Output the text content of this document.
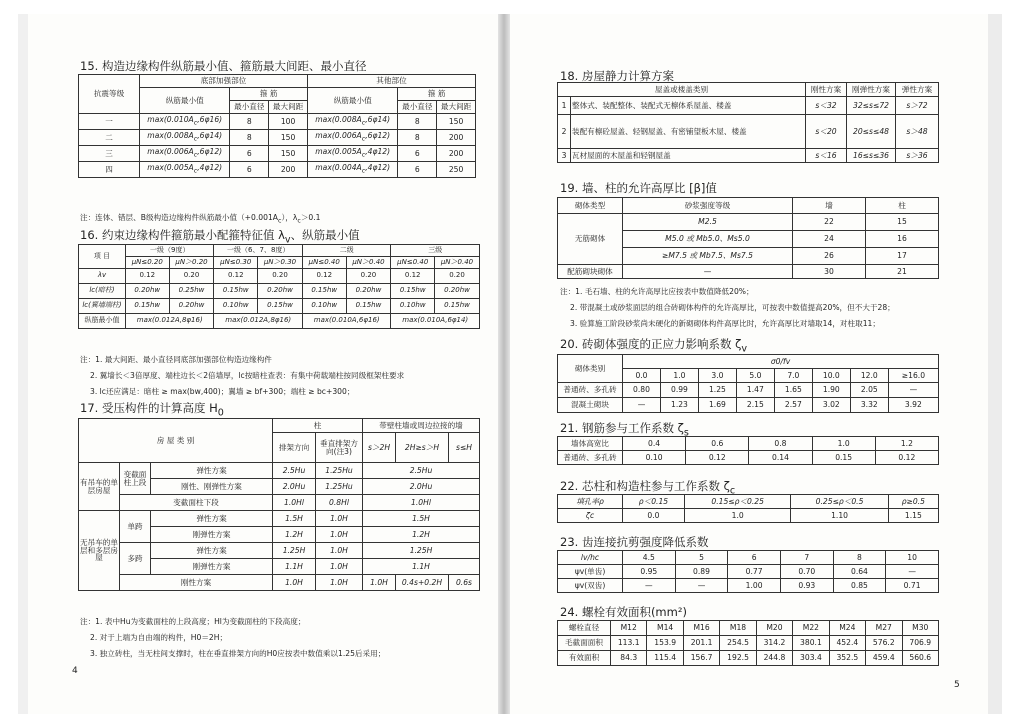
15. 构造边缘构件纵筋最小值、箍筋最大间距、最小直径
抗震等级	底部加强部位			其他部位		
	纵筋最小值	箍 筋		纵筋最小值	箍 筋	
		最小直径	最大间距		最小直径	最大间距
一	$\max(0.010A_c,6\varphi 16)$	8	100	$\max(0.008A_c,6\varphi 14)$	8	150
二	$\max(0.008A_c,6\varphi 14)$	8	150	$\max(0.006A_c,6\varphi 12)$	8	200
三	$\max(0.006A_c,6\varphi 12)$	6	150	$\max(0.005A_c,4\varphi 12)$	6	200
四	$\max(0.005A_c,4\varphi 12)$	6	200	$\max(0.004A_c,4\varphi 12)$	6	250
注：连体、错层、B级构造边缘构件纵筋最小值$(+0.001A_c)$，$\lambda_c>0.1$
16. 约束边缘构件箍筋最小配箍特征值 $\lambda_v$、纵筋最小值
项 目	一级（9度）		一级（6、7、8度）		二级		三级	
	μN≤0.20	μN＞0.20	μN≤0.30	μN＞0.30	μN≤0.40	μN＞0.40	μN≤0.40	μN＞0.40
λv	0.12	0.20	0.12	0.20	0.12	0.20	0.12	0.20
lc(暗柱)	0.20hw	0.25hw	0.15hw	0.20hw	0.15hw	0.20hw	0.15hw	0.20hw
lc(翼墙端柱)	0.15hw	0.20hw	0.10hw	0.15hw	0.10hw	0.15hw	0.10hw	0.15hw
纵筋最小值	max(0.012A,8φ16)		max(0.012A,8φ16)		max(0.010A,6φ16)		max(0.010A,6φ14)	
注：1. 最大间距、最小直径同底部加强部位构造边缘构件
2. 翼墙长＜3倍厚度、端柱边长＜2倍墙厚，lc按暗柱查表：有集中荷载端柱按同级框架柱要求
3. lc还应满足：暗柱 ≥ max(bw,400)；翼墙 ≥ bf+300；端柱 ≥ bc+300；
17. 受压构件的计算高度 $H_0$
房 屋 类 别			柱		带壁柱墙或周边拉接的墙		
			排架方向	垂直排架方向(注3)	s＞2H	2H≥s＞H	s≤H
有吊车的单层房屋	变截面柱上段	弹性方案	2.5Hu	1.25Hu	2.5Hu		
		刚性、刚弹性方案	2.0Hu	1.25Hu	2.0Hu		
	变截面柱下段		1.0Hl	0.8Hl	1.0Hl		
无吊车的单层和多层房屋	单跨	弹性方案	1.5H	1.0H	1.5H		
		刚弹性方案	1.2H	1.0H	1.2H		
	多跨	弹性方案	1.25H	1.0H	1.25H		
		刚弹性方案	1.1H	1.0H	1.1H		
	刚性方案		1.0H	1.0H	1.0H	0.4s+0.2H	0.6s
注：1. 表中Hu为变截面柱的上段高度；Hl为变截面柱的下段高度；
2. 对于上端为自由端的构件，H0＝2H；
3. 独立砖柱，当无柱间支撑时，柱在垂直排架方向的H0应按表中数值乘以1.25后采用；
4
18. 房屋静力计算方案
屋盖或楼盖类别		刚性方案	刚弹性方案	弹性方案
1	整体式、装配整体、装配式无檩体系屋盖、楼盖	s＜32	32≤s≤72	s＞72
2	装配有檩砼屋盖、轻钢屋盖、有密铺望板木屋、楼盖	s＜20	20≤s≤48	s＞48
3	瓦材屋面的木屋盖和轻钢屋盖	s＜16	16≤s≤36	s＞36
19. 墙、柱的允许高厚比 [β]值
砌体类型	砂浆强度等级	墙	柱
无筋砌体	M2.5	22	15
	M5.0 或 Mb5.0、Ms5.0	24	16
	≥M7.5 或 Mb7.5、Ms7.5	26	17
配筋砌块砌体	—	30	21
注：1. 毛石墙、柱的允许高厚比应按表中数值降低20%；
2. 带混凝土或砂浆面层的组合砖砌体构件的允许高厚比，可按表中数值提高20%，但不大于28；
3. 验算施工阶段砂浆尚未硬化的新砌砌体构件高厚比时，允许高厚比对墙取14，对柱取11；
20. 砖砌体强度的正应力影响系数 $\zeta_v$
砌体类别	σ0/fv							
	0.0	1.0	3.0	5.0	7.0	10.0	12.0	≥16.0
普通砖、多孔砖	0.80	0.99	1.25	1.47	1.65	1.90	2.05	—
混凝土砌块	—	1.23	1.69	2.15	2.57	3.02	3.32	3.92
21. 钢筋参与工作系数 $\zeta_s$
墙体高宽比	0.4	0.6	0.8	1.0	1.2
普通砖、多孔砖	0.10	0.12	0.14	0.15	0.12
22. 芯柱和构造柱参与工作系数 $\zeta_c$
填孔率ρ	ρ＜0.15	0.15≤ρ＜0.25	0.25≤ρ＜0.5	ρ≥0.5
ζc	0.0	1.0	1.10	1.15
23. 齿连接抗剪强度降低系数
lv/hc	4.5	5	6	7	8	10
ψv(单齿)	0.95	0.89	0.77	0.70	0.64	—
ψv(双齿)	—	—	1.00	0.93	0.85	0.71
24. 螺栓有效面积(mm²)
螺栓直径	M12	M14	M16	M18	M20	M22	M24	M27	M30
毛截面面积	113.1	153.9	201.1	254.5	314.2	380.1	452.4	576.2	706.9
有效面积	84.3	115.4	156.7	192.5	244.8	303.4	352.5	459.4	560.6
5
